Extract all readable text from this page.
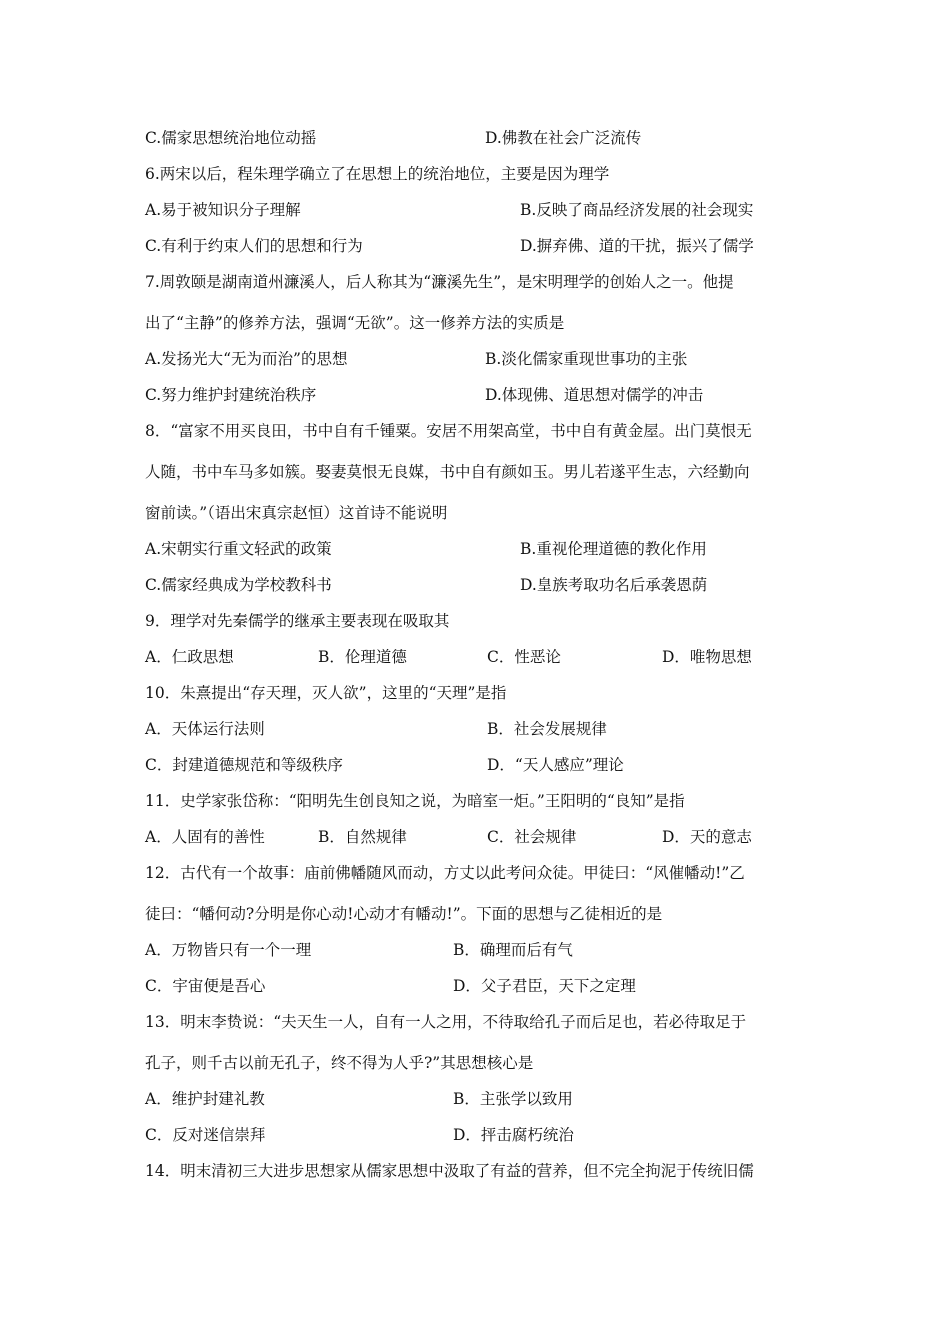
C.儒家思想统治地位动摇	D.佛教在社会广泛流传
6.两宋以后，程朱理学确立了在思想上的统治地位，主要是因为理学
A.易于被知识分子理解	B.反映了商品经济发展的社会现实
C.有利于约束人们的思想和行为	D.摒弃佛、道的干扰，振兴了儒学
7.周敦颐是湖南道州濂溪人，后人称其为“濂溪先生”，是宋明理学的创始人之一。他提
出了“主静”的修养方法，强调“无欲”。这一修养方法的实质是
A.发扬光大“无为而治”的思想	B.淡化儒家重现世事功的主张
C.努力维护封建统治秩序	D.体现佛、道思想对儒学的冲击
8．“富家不用买良田，书中自有千锺粟。安居不用架高堂，书中自有黄金屋。出门莫恨无
人随，书中车马多如簇。娶妻莫恨无良媒，书中自有颜如玉。男儿若遂平生志，六经勤向
窗前读。”（语出宋真宗赵恒）这首诗不能说明
A.宋朝实行重文轻武的政策	B.重视伦理道德的教化作用
C.儒家经典成为学校教科书	D.皇族考取功名后承袭恩荫
9．理学对先秦儒学的继承主要表现在吸取其
A．仁政思想	B．伦理道德	C．性恶论	D．唯物思想
10．朱熹提出“存天理，灭人欲”，这里的“天理”是指
A．天体运行法则	B．社会发展规律
C．封建道德规范和等级秩序	D．“天人感应”理论
11．史学家张岱称：“阳明先生创良知之说，为暗室一炬。”王阳明的“良知”是指
A．人固有的善性	B．自然规律	C．社会规律	D．天的意志
12．古代有一个故事：庙前佛幡随风而动，方丈以此考问众徒。甲徒曰：“风催幡动!”乙
徒曰：“幡何动?分明是你心动!心动才有幡动!”。下面的思想与乙徒相近的是
A．万物皆只有一个一理	B．确理而后有气
C．宇宙便是吾心	D．父子君臣，天下之定理
13．明末李贽说：“夫天生一人，自有一人之用，不待取给孔子而后足也，若必待取足于
孔子，则千古以前无孔子，终不得为人乎?”其思想核心是
A．维护封建礼教	B．主张学以致用
C．反对迷信崇拜	D．抨击腐朽统治
14．明末清初三大进步思想家从儒家思想中汲取了有益的营养，但不完全拘泥于传统旧儒
